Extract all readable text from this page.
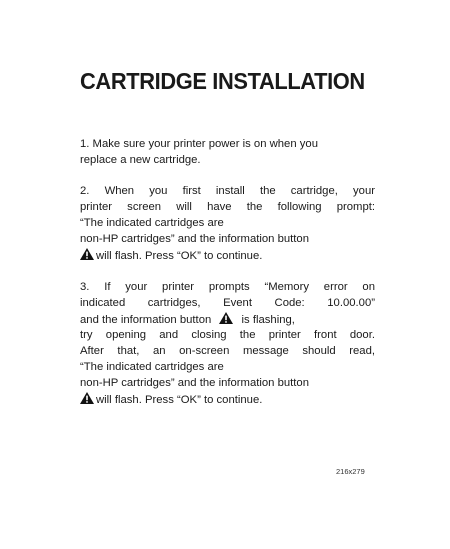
CARTRIDGE INSTALLATION
1. Make sure your printer power is on when you
replace a new cartridge.
2. When you first install the cartridge, your
printer screen will have the following prompt:
“The indicated cartridges are
non-HP cartridges” and the information button
will flash. Press “OK” to continue.
3. If your printer prompts “Memory error on
indicated cartridges, Event Code: 10.00.00”
and the information button	is flashing,
try opening and closing the printer front door.
After that, an on-screen message should read,
“The indicated cartridges are
non-HP cartridges” and the information button
will flash. Press “OK” to continue.
216x279
